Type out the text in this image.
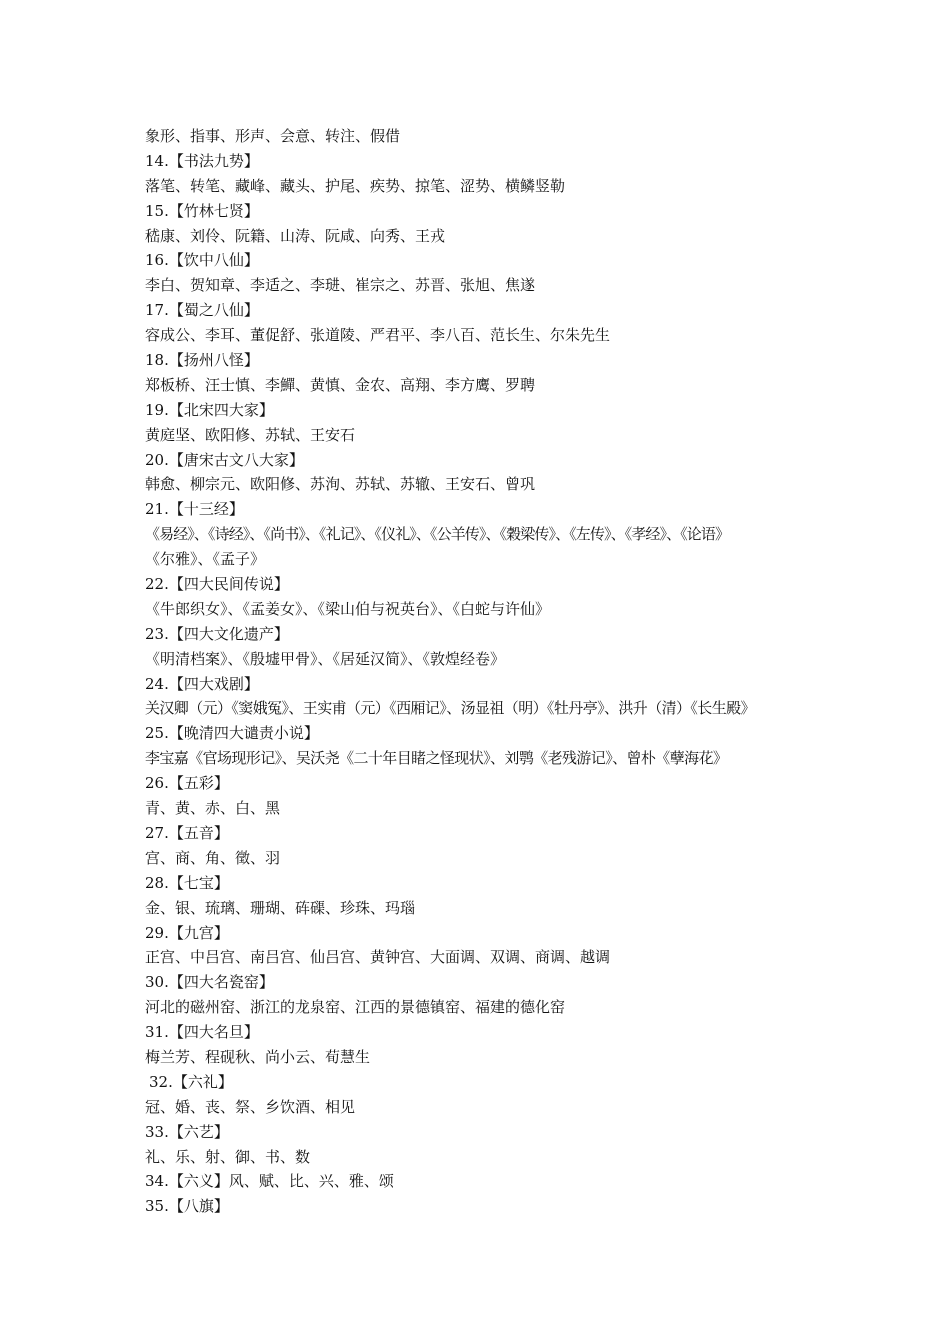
象形、指事、形声、会意、转注、假借
14.【书法九势】
落笔、转笔、藏峰、藏头、护尾、疾势、掠笔、涩势、横鳞竖勒
15.【竹林七贤】
嵇康、刘伶、阮籍、山涛、阮咸、向秀、王戎
16.【饮中八仙】
李白、贺知章、李适之、李琎、崔宗之、苏晋、张旭、焦遂
17.【蜀之八仙】
容成公、李耳、董促舒、张道陵、严君平、李八百、范长生、尔朱先生
18.【扬州八怪】
郑板桥、汪士慎、李鱓、黄慎、金农、高翔、李方鹰、罗聘
19.【北宋四大家】
黄庭坚、欧阳修、苏轼、王安石
20.【唐宋古文八大家】
韩愈、柳宗元、欧阳修、苏洵、苏轼、苏辙、王安石、曾巩
21.【十三经】
《易经》、《诗经》、《尚书》、《礼记》、《仪礼》、《公羊传》、《穀梁传》、《左传》、《孝经》、《论语》
《尔雅》、《孟子》
22.【四大民间传说】
《牛郎织女》、《孟姜女》、《梁山伯与祝英台》、《白蛇与许仙》
23.【四大文化遗产】
《明清档案》、《殷墟甲骨》、《居延汉简》、《敦煌经卷》
24.【四大戏剧】
关汉卿（元）《窦娥冤》、王实甫（元）《西厢记》、汤显祖（明）《牡丹亭》、洪升（清）《长生殿》
25.【晚清四大谴责小说】
李宝嘉《官场现形记》、吴沃尧《二十年目睹之怪现状》、刘鹗《老残游记》、曾朴《孽海花》
26.【五彩】
青、黄、赤、白、黑
27.【五音】
宫、商、角、徵、羽
28.【七宝】
金、银、琉璃、珊瑚、砗磲、珍珠、玛瑙
29.【九宫】
正宫、中吕宫、南吕宫、仙吕宫、黄钟宫、大面调、双调、商调、越调
30.【四大名瓷窑】
河北的磁州窑、浙江的龙泉窑、江西的景德镇窑、福建的德化窑
31.【四大名旦】
梅兰芳、程砚秋、尚小云、荀慧生
32.【六礼】
冠、婚、丧、祭、乡饮酒、相见
33.【六艺】
礼、乐、射、御、书、数
34.【六义】风、赋、比、兴、雅、颂
35.【八旗】
